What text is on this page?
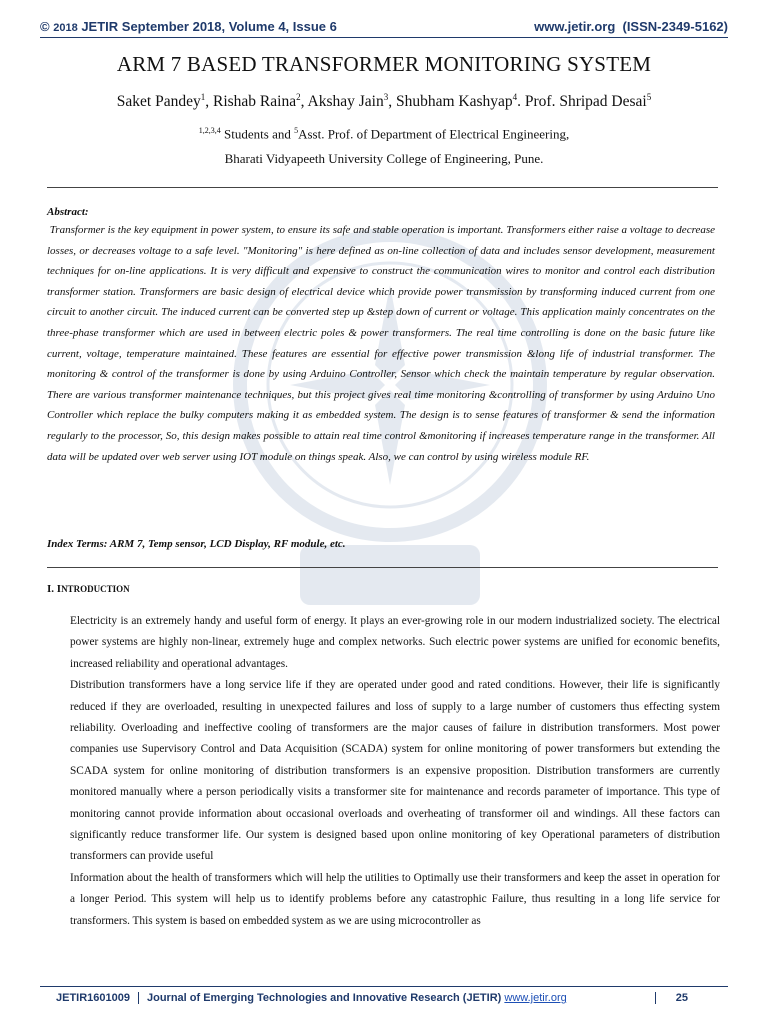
© 2018 JETIR September 2018, Volume 4, Issue 6	www.jetir.org  (ISSN-2349-5162)
ARM 7 BASED TRANSFORMER MONITORING SYSTEM
Saket Pandey$^1$, Rishab Raina$^2$, Akshay Jain$^3$, Shubham Kashyap$^4$. Prof. Shripad Desai$^5$
$^{1,2,3,4}$ Students and $^5$Asst. Prof. of Department of Electrical Engineering,
Bharati Vidyapeeth University College of Engineering, Pune.
Abstract:
Transformer is the key equipment in power system, to ensure its safe and stable operation is important. Transformers either raise a voltage to decrease losses, or decreases voltage to a safe level. "Monitoring" is here defined as on-line collection of data and includes sensor development, measurement techniques for on-line applications. It is very difficult and expensive to construct the communication wires to monitor and control each distribution transformer station. Transformers are basic design of electrical device which provide power transmission by transforming induced current from one circuit to another circuit. The induced current can be converted step up &step down of current or voltage. This application mainly concentrates on the three-phase transformer which are used in between electric poles & power transformers. The real time controlling is done on the basic future like current, voltage, temperature maintained. These features are essential for effective power transmission &long life of industrial transformer. The monitoring & control of the transformer is done by using Arduino Controller, Sensor which check the maintain temperature by regular observation. There are various transformer maintenance techniques, but this project gives real time monitoring &controlling of transformer by using Arduino Uno Controller which replace the bulky computers making it as embedded system. The design is to sense features of transformer & send the information regularly to the processor, So, this design makes possible to attain real time control &monitoring if increases temperature range in the transformer. All data will be updated over web server using IOT module on things speak. Also, we can control by using wireless module RF.
Index Terms: ARM 7, Temp sensor, LCD Display, RF module, etc.
I. INTRODUCTION

Electricity is an extremely handy and useful form of energy. It plays an ever-growing role in our modern industrialized society. The electrical power systems are highly non-linear, extremely huge and complex networks. Such electric power systems are unified for economic benefits, increased reliability and operational advantages.

Distribution transformers have a long service life if they are operated under good and rated conditions. However, their life is significantly reduced if they are overloaded, resulting in unexpected failures and loss of supply to a large number of customers thus effecting system reliability. Overloading and ineffective cooling of transformers are the major causes of failure in distribution transformers. Most power companies use Supervisory Control and Data Acquisition (SCADA) system for online monitoring of power transformers but extending the SCADA system for online monitoring of distribution transformers is an expensive proposition. Distribution transformers are currently monitored manually where a person periodically visits a transformer site for maintenance and records parameter of importance. This type of monitoring cannot provide information about occasional overloads and overheating of transformer oil and windings. All these factors can significantly reduce transformer life. Our system is designed based upon online monitoring of key Operational parameters of distribution transformers can provide useful

Information about the health of transformers which will help the utilities to Optimally use their transformers and keep the asset in operation for a longer Period. This system will help us to identify problems before any catastrophic Failure, thus resulting in a long life service for transformers. This system is based on embedded system as we are using microcontroller as

JETIR1601009	Journal of Emerging Technologies and Innovative Research (JETIR) www.jetir.org	25
